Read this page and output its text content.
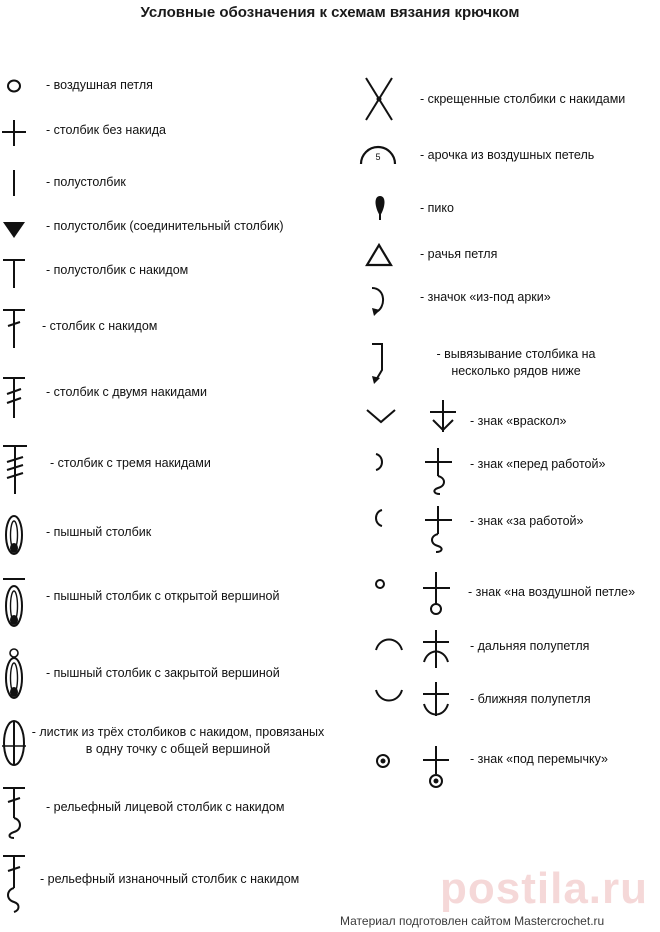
Условные обозначения к схемам вязания крючком
- воздушная петля
- столбик без накида
- полустолбик
- полустолбик (соединительный столбик)
- полустолбик с накидом
- столбик с накидом
- столбик с двумя накидами
- столбик с тремя накидами
- пышный столбик
- пышный столбик с открытой вершиной
- пышный столбик с закрытой вершиной
- листик из трёх столбиков с накидом, провязаных в одну точку с общей вершиной
- рельефный лицевой столбик с накидом
- рельефный изнаночный столбик с накидом
- скрещенные столбики с накидами
5	- арочка из воздушных петель
- пико
- рачья петля
- значок «из-под арки»
- вывязывание столбика на несколько рядов ниже
- знак «враскол»
- знак «перед работой»
- знак «за работой»
- знак «на воздушной петле»
- дальняя полупетля
- ближняя полупетля
- знак «под перемычку»
postila.ru
Материал подготовлен сайтом Mastercrochet.ru
